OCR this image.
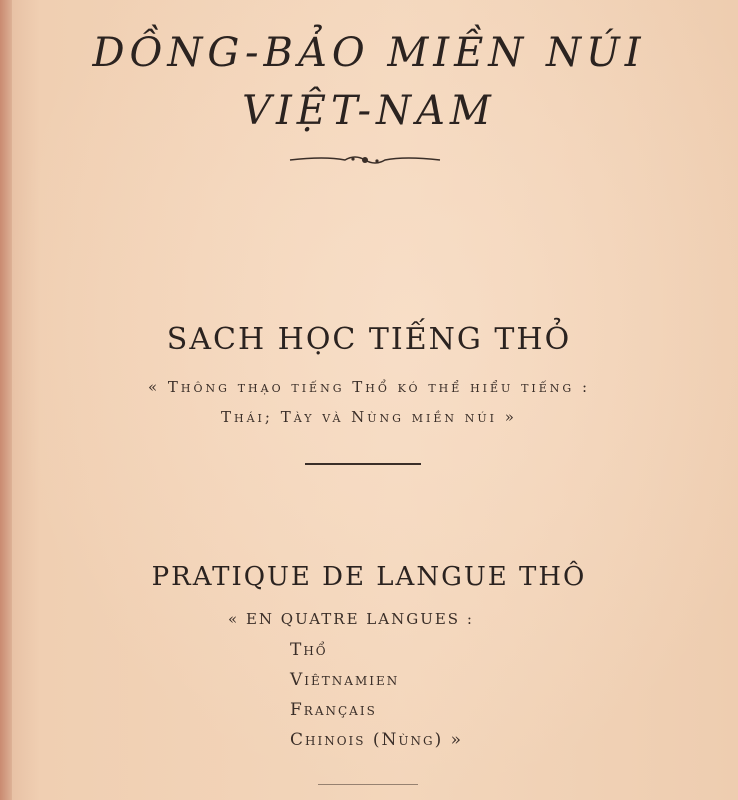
DỒNG-BẢO MIỀN NÚI
VIỆT-NAM
SACH HỌC TIẾNG THỎ
« Thông thạo tiếng Thổ kó thể hiểu tiếng :
Thái; Tày và Nùng miền núi »
PRATIQUE DE LANGUE THÔ
« EN QUATRE LANGUES :
Thổ
Viêtnamien
Français
Chinois (Nùng) »
